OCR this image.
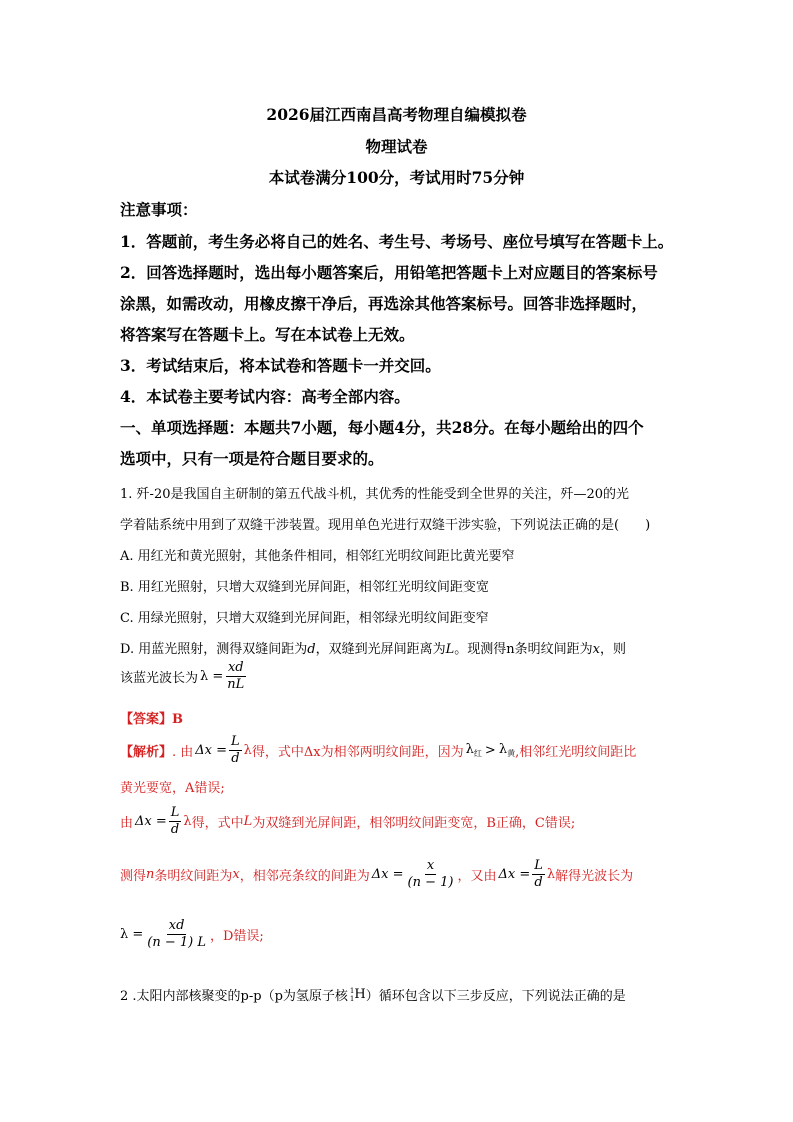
2026届江西南昌高考物理自编模拟卷
物理试卷
本试卷满分100分，考试用时75分钟
注意事项：
1．答题前，考生务必将自己的姓名、考生号、考场号、座位号填写在答题卡上。
2．回答选择题时，选出每小题答案后，用铅笔把答题卡上对应题目的答案标号
涂黑，如需改动，用橡皮擦干净后，再选涂其他答案标号。回答非选择题时，
将答案写在答题卡上。写在本试卷上无效。
3．考试结束后，将本试卷和答题卡一并交回。
4．本试卷主要考试内容：高考全部内容。
一、单项选择题：本题共7小题，每小题4分，共28分。在每小题给出的四个
选项中，只有一项是符合题目要求的。
1. 歼-20是我国自主研制的第五代战斗机，其优秀的性能受到全世界的关注，歼—20的光
学着陆系统中用到了双缝干涉装置。现用单色光进行双缝干涉实验，下列说法正确的是(　　)
A. 用红光和黄光照射，其他条件相同，相邻红光明纹间距比黄光要窄
B. 用红光照射，只增大双缝到光屏间距，相邻红光明纹间距变宽
C. 用绿光照射，只增大双缝到光屏间距，相邻绿光明纹间距变窄
D. 用蓝光照射，测得双缝间距为d，双缝到光屏间距离为L。现测得n条明纹间距为x，则
该蓝光波长为 $\lambda = \frac{xd}{nL}$
【答案】B
【解析】 . 由 $\Delta x = \frac{L}{d}$ λ 得，式中Δx为相邻两明纹间距，因为 $\lambda_红 > \lambda_黄$ ,相邻红光明纹间距比
黄光要宽，A错误;
由 $\Delta x = \frac{L}{d}$ λ 得，式中 L 为双缝到光屏间距，相邻明纹间距变宽，B正确，C错误;
测得 n 条明纹间距为 x ，相邻亮条纹的间距为 $\Delta x = \frac{x}{(n - 1)}$ ，又由 $\Delta x = \frac{L}{d}$ λ 解得光波长为
$\lambda = \frac{xd}{(n - 1) L}$ ，D错误;
2 .太阳内部核聚变的p-p（p为氢原子核 1
1 H ）循环包含以下三步反应，下列说法正确的是
